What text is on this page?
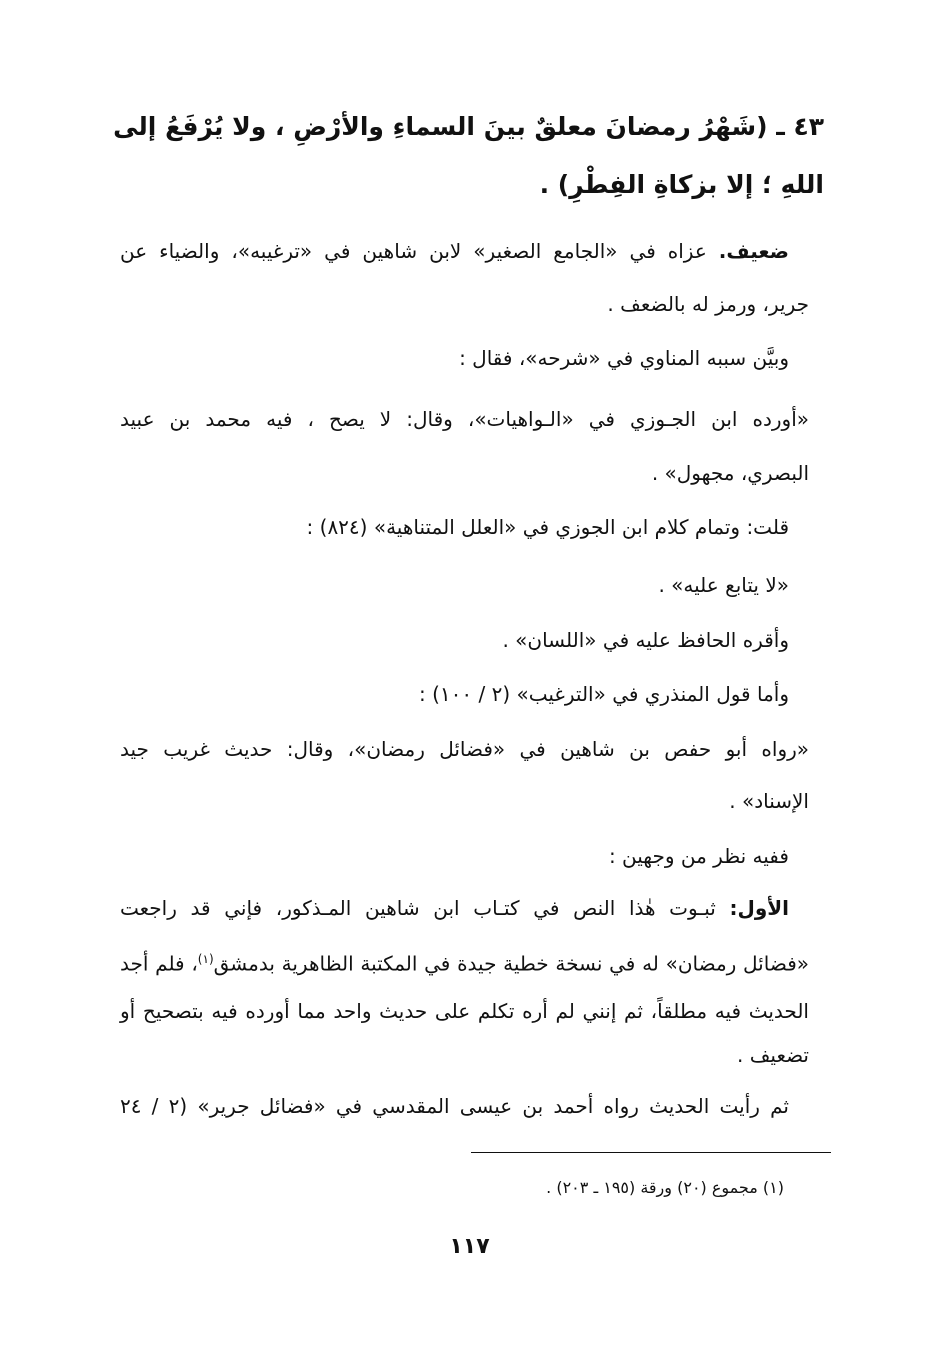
٤٣ ـ (شَهْرُ رمضانَ معلقٌ بينَ السماءِ والأرْضِ ، ولا يُرْفَعُ إلى
اللهِ ؛ إلا بزكاةِ الفِطْرِ) .
ضعيف. عزاه في «الجامع الصغير» لابن شاهين في «ترغيبه»، والضياء عن
جرير، ورمز له بالضعف .
وبيَّن سببه المناوي في «شرحه»، فقال :
«أورده ابن الجـوزي في «الـواهيات»، وقال: لا يصح ، فيه محمد بن عبيد
البصري، مجهول» .
قلت: وتمام كلام ابن الجوزي في «العلل المتناهية» (٨٢٤) :
«لا يتابع عليه» .
وأقره الحافظ عليه في «اللسان» .
وأما قول المنذري في «الترغيب» (٢ / ١٠٠) :
«رواه أبو حفص بن شاهين في «فضائل رمضان»، وقال: حديث غريب جيد
الإسناد» .
ففيه نظر من وجهين :
الأول: ثبـوت هٰذا النص في كتـاب ابن شاهين المـذكور، فإني قد راجعت
«فضائل رمضان» له في نسخة خطية جيدة في المكتبة الظاهرية بدمشق$^{(١)}$، فلم أجد
الحديث فيه مطلقاً، ثم إنني لم أره تكلم على حديث واحد مما أورده فيه بتصحيح أو
تضعيف .
ثم رأيت الحديث رواه أحمد بن عيسى المقدسي في «فضائل جرير» (٢ / ٢٤
(١) مجموع (٢٠) ورقة (١٩٥ ـ ٢٠٣) .
١١٧
